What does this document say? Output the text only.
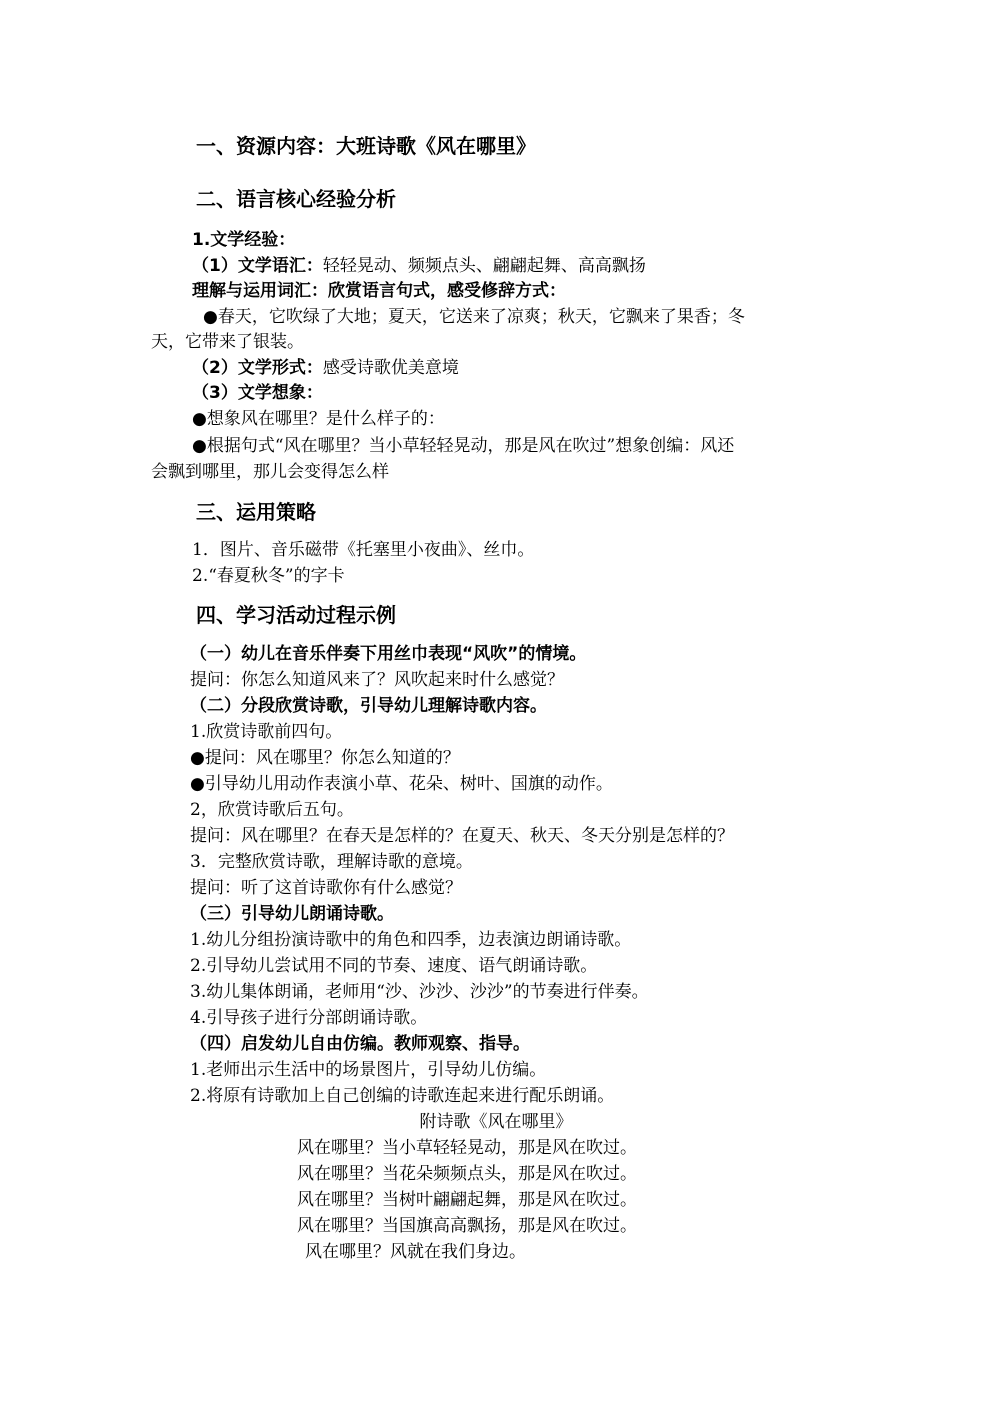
一、资源内容：大班诗歌《风在哪里》
二、语言核心经验分析
1.文学经验：
（1）文学语汇：轻轻晃动、频频点头、翩翩起舞、高高飘扬
理解与运用词汇：欣赏语言句式，感受修辞方式：
●春天，它吹绿了大地；夏天，它送来了凉爽；秋天，它飘来了果香；冬
天，它带来了银装。
（2）文学形式：感受诗歌优美意境
（3）文学想象：
●想象风在哪里？是什么样子的：
●根据句式“风在哪里？当小草轻轻晃动，那是风在吹过”想象创编：风还
会飘到哪里，那儿会变得怎么样
三、运用策略
1．图片、音乐磁带《托塞里小夜曲》、丝巾。
2.“春夏秋冬”的字卡
四、学习活动过程示例
（一）幼儿在音乐伴奏下用丝巾表现“风吹”的情境。
提问：你怎么知道风来了？风吹起来时什么感觉？
（二）分段欣赏诗歌，引导幼儿理解诗歌内容。
1.欣赏诗歌前四句。
●提问：风在哪里？你怎么知道的？
●引导幼儿用动作表演小草、花朵、树叶、国旗的动作。
2，欣赏诗歌后五句。
提问：风在哪里？在春天是怎样的？在夏天、秋天、冬天分别是怎样的？
3．完整欣赏诗歌，理解诗歌的意境。
提问：听了这首诗歌你有什么感觉？
（三）引导幼儿朗诵诗歌。
1.幼儿分组扮演诗歌中的角色和四季，边表演边朗诵诗歌。
2.引导幼儿尝试用不同的节奏、速度、语气朗诵诗歌。
3.幼儿集体朗诵，老师用“沙、沙沙、沙沙”的节奏进行伴奏。
4.引导孩子进行分部朗诵诗歌。
（四）启发幼儿自由仿编。教师观察、指导。
1.老师出示生活中的场景图片，引导幼儿仿编。
2.将原有诗歌加上自己创编的诗歌连起来进行配乐朗诵。
附诗歌《风在哪里》
风在哪里？当小草轻轻晃动，那是风在吹过。
风在哪里？当花朵频频点头，那是风在吹过。
风在哪里？当树叶翩翩起舞，那是风在吹过。
风在哪里？当国旗高高飘扬，那是风在吹过。
风在哪里？风就在我们身边。
